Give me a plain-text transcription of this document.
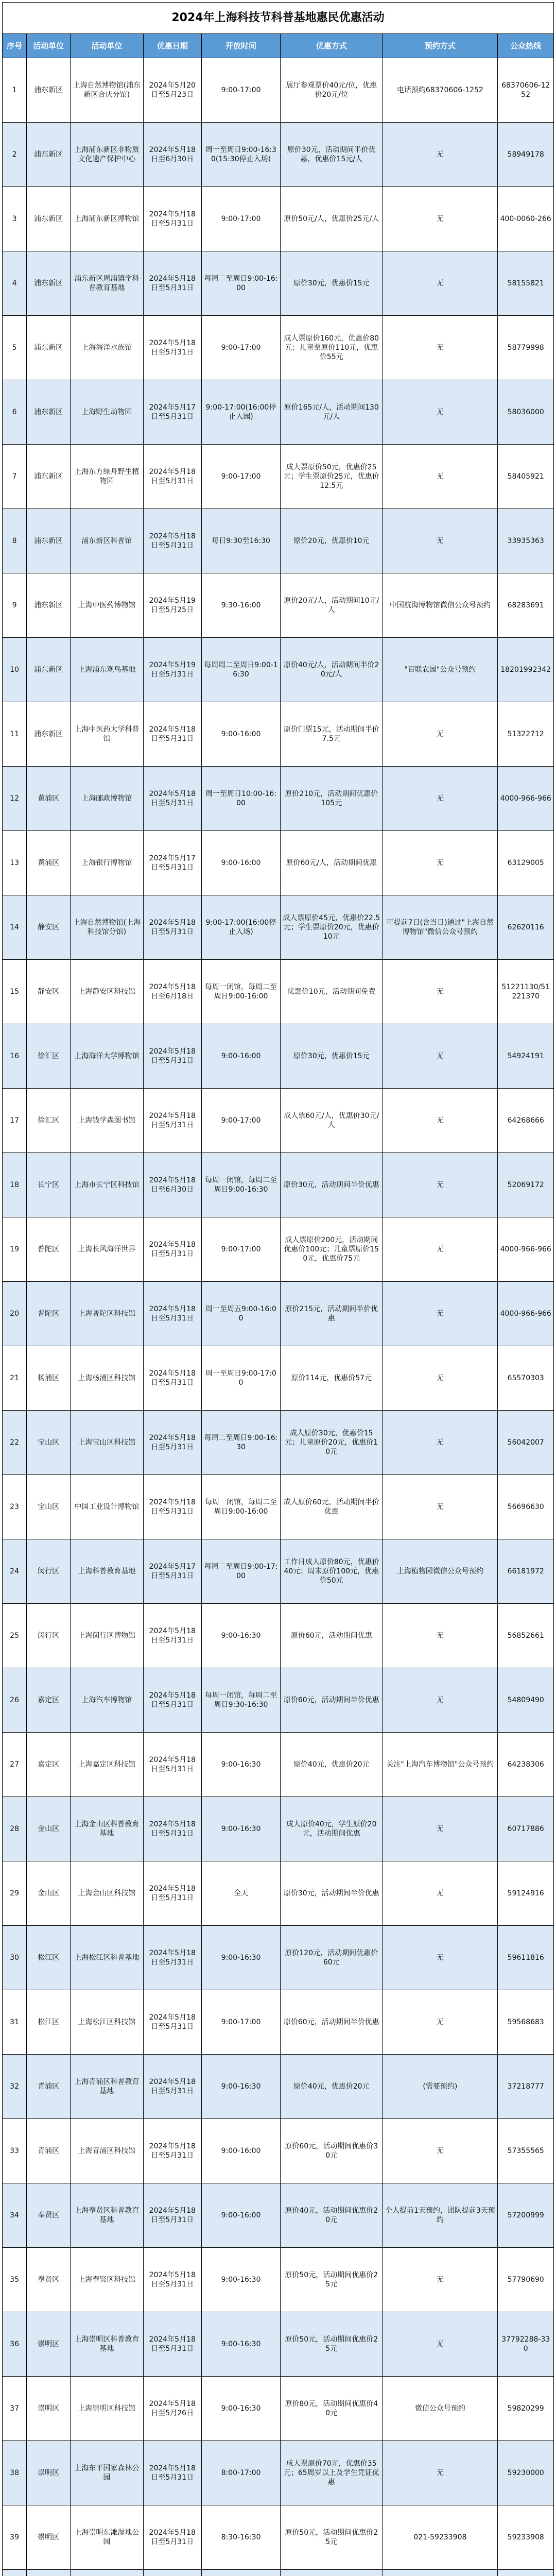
2024年上海科技节科普基地惠民优惠活动
序号	活动单位	活动单位	优惠日期	开放时间	优惠方式	预约方式	公众热线
1	浦东新区	上海自然博物馆(浦东新区合庆分馆)	2024年5月20日至5月23日	9:00-17:00	展厅参观票价40元/位，优惠价20元/位	电话预约68370606-1252	68370606-1252
2	浦东新区	上海浦东新区非物质文化遗产保护中心	2024年5月18日至6月30日	周一至周日9:00-16:30(15:30停止入场)	原价30元，活动期间半价优惠，优惠价15元/人	无	58949178
3	浦东新区	上海浦东新区博物馆	2024年5月18日至5月31日	9:00-17:00	原价50元/人，优惠价25元/人	无	400-0060-266
4	浦东新区	浦东新区周浦镇学科普教育基地	2024年5月18日至5月31日	每周二至周日9:00-16:00	原价30元，优惠价15元	无	58155821
5	浦东新区	上海海洋水族馆	2024年5月18日至5月31日	9:00-17:00	成人票原价160元，优惠价80元；儿童票原价110元，优惠价55元	无	58779998
6	浦东新区	上海野生动物园	2024年5月17日至5月31日	9:00-17:00(16:00停止入园)	原价165元/人，活动期间130元/人	无	58036000
7	浦东新区	上海东方绿舟野生植物园	2024年5月18日至5月31日	9:00-17:00	成人票原价50元，优惠价25元；学生票原价25元，优惠价12.5元	无	58405921
8	浦东新区	浦东新区科普馆	2024年5月18日至5月31日	每日9:30至16:30	原价20元，优惠价10元	无	33935363
9	浦东新区	上海中医药博物馆	2024年5月19日至5月25日	9:30-16:00	原价20元/人，活动期间10元/人	中国航海博物馆微信公众号预约	68283691
10	浦东新区	上海浦东观鸟基地	2024年5月19日至5月31日	每周周二至周日9:00-16:30	原价40元/人，活动期间半价20元/人	"百联农园"公众号预约	18201992342
11	浦东新区	上海中医药大学科普馆	2024年5月18日至5月31日	9:00-16:00	原价门票15元，活动期间半价7.5元	无	51322712
12	黄浦区	上海邮政博物馆	2024年5月18日至5月31日	周一至周日10:00-16:00	原价210元，活动期间优惠价105元	无	4000-966-966
13	黄浦区	上海银行博物馆	2024年5月17日至5月31日	9:00-16:00	原价60元/人，活动期间优惠	无	63129005
14	静安区	上海自然博物馆(上海科技馆分馆)	2024年5月18日至5月31日	9:00-17:00(16:00停止入场)	成人票原价45元，优惠价22.5元；学生票原价20元，优惠价10元	可提前7日(含当日)通过"上海自然博物馆"微信公众号预约	62620116
15	静安区	上海静安区科技馆	2024年5月18日至6月18日	每周一闭馆，每周二至周日9:00-16:00	优惠价10元，活动期间免费	无	51221130/51221370
16	徐汇区	上海海洋大学博物馆	2024年5月18日至5月31日	9:00-16:00	原价30元，优惠价15元	无	54924191
17	徐汇区	上海钱学森图书馆	2024年5月18日至5月31日	9:00-17:00	成人票60元/人，优惠价30元/人	无	64268666
18	长宁区	上海市长宁区科技馆	2024年5月18日至6月30日	每周一闭馆，每周二至周日9:00-16:30	原价30元，活动期间半价优惠	无	52069172
19	普陀区	上海长风海洋世界	2024年5月18日至5月31日	9:00-17:00	成人票原价200元，活动期间优惠价100元；儿童票原价150元，优惠价75元	无	4000-966-966
20	普陀区	上海普陀区科技馆	2024年5月18日至5月31日	周一至周五9:00-16:00	原价215元，活动期间半价优惠	无	4000-966-966
21	杨浦区	上海杨浦区科技馆	2024年5月18日至5月31日	周一至周日9:00-17:00	原价114元，优惠价57元	无	65570303
22	宝山区	上海宝山区科技馆	2024年5月18日至5月31日	每周二至周日9:00-16:30	成人原价30元，优惠价15元；儿童原价20元，优惠价10元	无	56042007
23	宝山区	中国工业设计博物馆	2024年5月18日至5月31日	每周一闭馆，每周二至周日9:00-16:00	成人原价60元，活动期间半价优惠	无	56696630
24	闵行区	上海科普教育基地	2024年5月17日至5月31日	每周二至周日9:00-17:00	工作日成人原价80元，优惠价40元；周末原价100元，优惠价50元	上海植物园微信公众号预约	66181972
25	闵行区	上海闵行区博物馆	2024年5月18日至5月31日	9:00-16:30	原价60元，活动期间优惠	无	56852661
26	嘉定区	上海汽车博物馆	2024年5月18日至5月31日	每周一闭馆，每周二至周日9:30-16:30	原价60元，活动期间半价优惠	无	54809490
27	嘉定区	上海嘉定区科技馆	2024年5月18日至5月31日	9:00-16:30	原价40元，优惠价20元	关注"上海汽车博物馆"公众号预约	64238306
28	金山区	上海金山区科普教育基地	2024年5月18日至5月31日	9:00-16:30	成人原价40元，学生原价20元，活动期间优惠	无	60717886
29	金山区	上海金山区科技馆	2024年5月18日至5月31日	全天	原价30元，活动期间半价优惠	无	59124916
30	松江区	上海松江区科普基地	2024年5月18日至5月31日	9:00-16:30	原价120元，活动期间优惠价60元	无	59611816
31	松江区	上海松江区科技馆	2024年5月18日至5月31日	9:00-17:00	原价60元，活动期间半价优惠	无	59568683
32	青浦区	上海青浦区科普教育基地	2024年5月18日至5月31日	9:00-16:30	原价40元，优惠价20元	(需要预约)	37218777
33	青浦区	上海青浦区科技馆	2024年5月18日至5月31日	9:00-16:00	原价60元，活动期间优惠价30元	无	57355565
34	奉贤区	上海奉贤区科普教育基地	2024年5月18日至5月31日	9:00-16:00	原价40元，活动期间优惠价20元	个人提前1天预约，团队提前3天预约	57200999
35	奉贤区	上海奉贤区科技馆	2024年5月18日至5月31日	9:00-16:30	原价50元，活动期间优惠价25元	无	57790690
36	崇明区	上海崇明区科普教育基地	2024年5月18日至5月31日	9:00-16:30	原价50元，活动期间优惠价25元	无	37792288-330
37	崇明区	上海崇明区科技馆	2024年5月18日至5月26日	9:00-16:30	原价80元，活动期间优惠价40元	微信公众号预约	59820299
38	崇明区	上海东平国家森林公园	2024年5月18日至5月31日	8:00-17:00	成人票原价70元，优惠价35元；65周岁以上及学生凭证优惠	无	59230000
39	崇明区	上海崇明东滩湿地公园	2024年5月18日至5月31日	8:30-16:30	原价50元，活动期间优惠价25元	021-59233908	59233908
